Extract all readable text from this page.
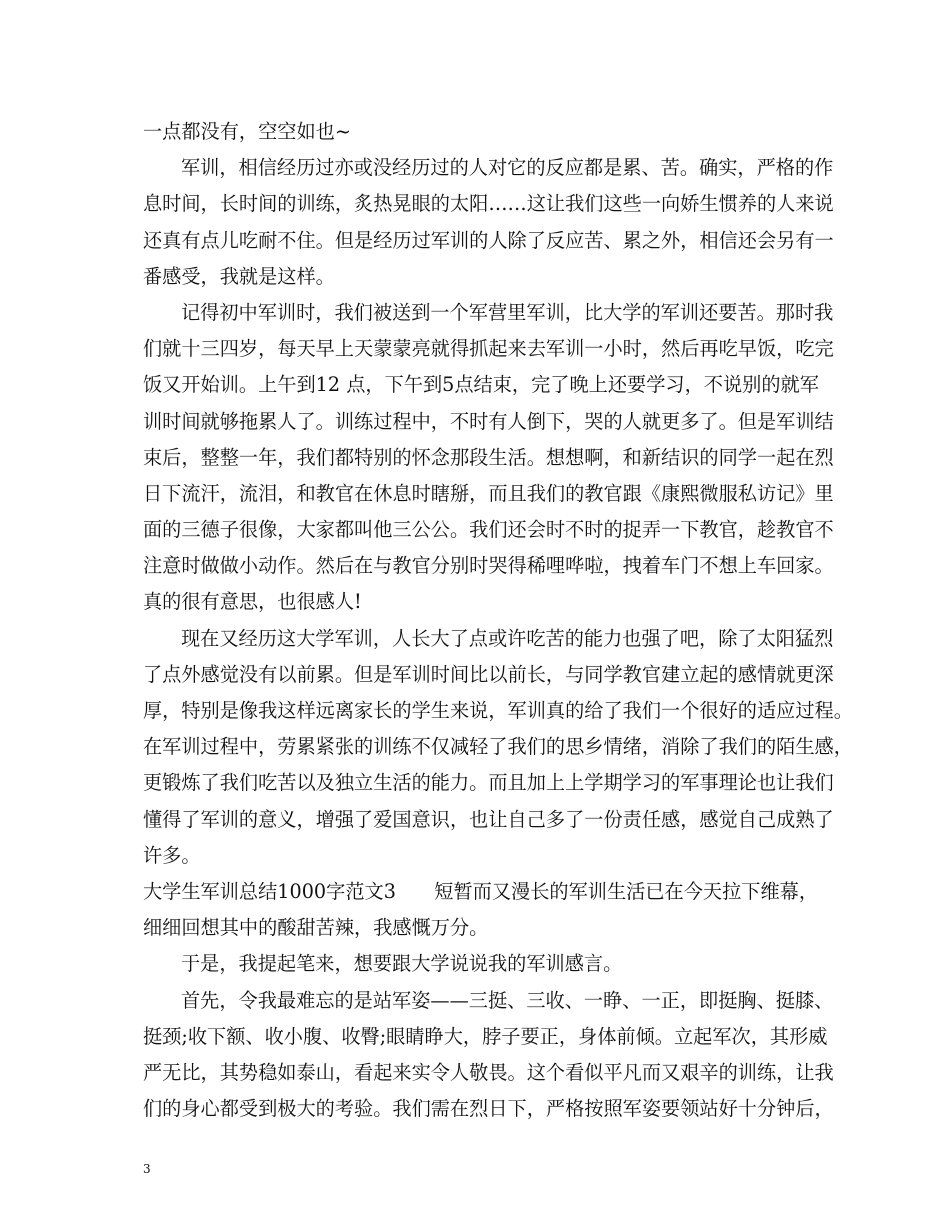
一点都没有，空空如也~
军训，相信经历过亦或没经历过的人对它的反应都是累、苦。确实，严格的作
息时间，长时间的训练，炙热晃眼的太阳……这让我们这些一向娇生惯养的人来说
还真有点儿吃耐不住。但是经历过军训的人除了反应苦、累之外，相信还会另有一
番感受，我就是这样。
记得初中军训时，我们被送到一个军营里军训，比大学的军训还要苦。那时我
们就十三四岁，每天早上天蒙蒙亮就得抓起来去军训一小时，然后再吃早饭，吃完
饭又开始训。上午到12 点，下午到5点结束，完了晚上还要学习，不说别的就军
训时间就够拖累人了。训练过程中，不时有人倒下，哭的人就更多了。但是军训结
束后，整整一年，我们都特别的怀念那段生活。想想啊，和新结识的同学一起在烈
日下流汗，流泪，和教官在休息时瞎掰，而且我们的教官跟《康熙微服私访记》里
面的三德子很像，大家都叫他三公公。我们还会时不时的捉弄一下教官，趁教官不
注意时做做小动作。然后在与教官分别时哭得稀哩哗啦，拽着车门不想上车回家。
真的很有意思，也很感人!
现在又经历这大学军训，人长大了点或许吃苦的能力也强了吧，除了太阳猛烈
了点外感觉没有以前累。但是军训时间比以前长，与同学教官建立起的感情就更深
厚，特别是像我这样远离家长的学生来说，军训真的给了我们一个很好的适应过程。
在军训过程中，劳累紧张的训练不仅减轻了我们的思乡情绪，消除了我们的陌生感，
更锻炼了我们吃苦以及独立生活的能力。而且加上上学期学习的军事理论也让我们
懂得了军训的意义，增强了爱国意识，也让自己多了一份责任感，感觉自己成熟了
许多。
大学生军训总结1000字范文3　　短暂而又漫长的军训生活已在今天拉下维幕，
细细回想其中的酸甜苦辣，我感慨万分。
于是，我提起笔来，想要跟大学说说我的军训感言。
首先，令我最难忘的是站军姿——三挺、三收、一睁、一正，即挺胸、挺膝、
挺颈;收下额、收小腹、收臀;眼睛睁大，脖子要正，身体前倾。立起军次，其形威
严无比，其势稳如泰山，看起来实令人敬畏。这个看似平凡而又艰辛的训练，让我
们的身心都受到极大的考验。我们需在烈日下，严格按照军姿要领站好十分钟后，
3
